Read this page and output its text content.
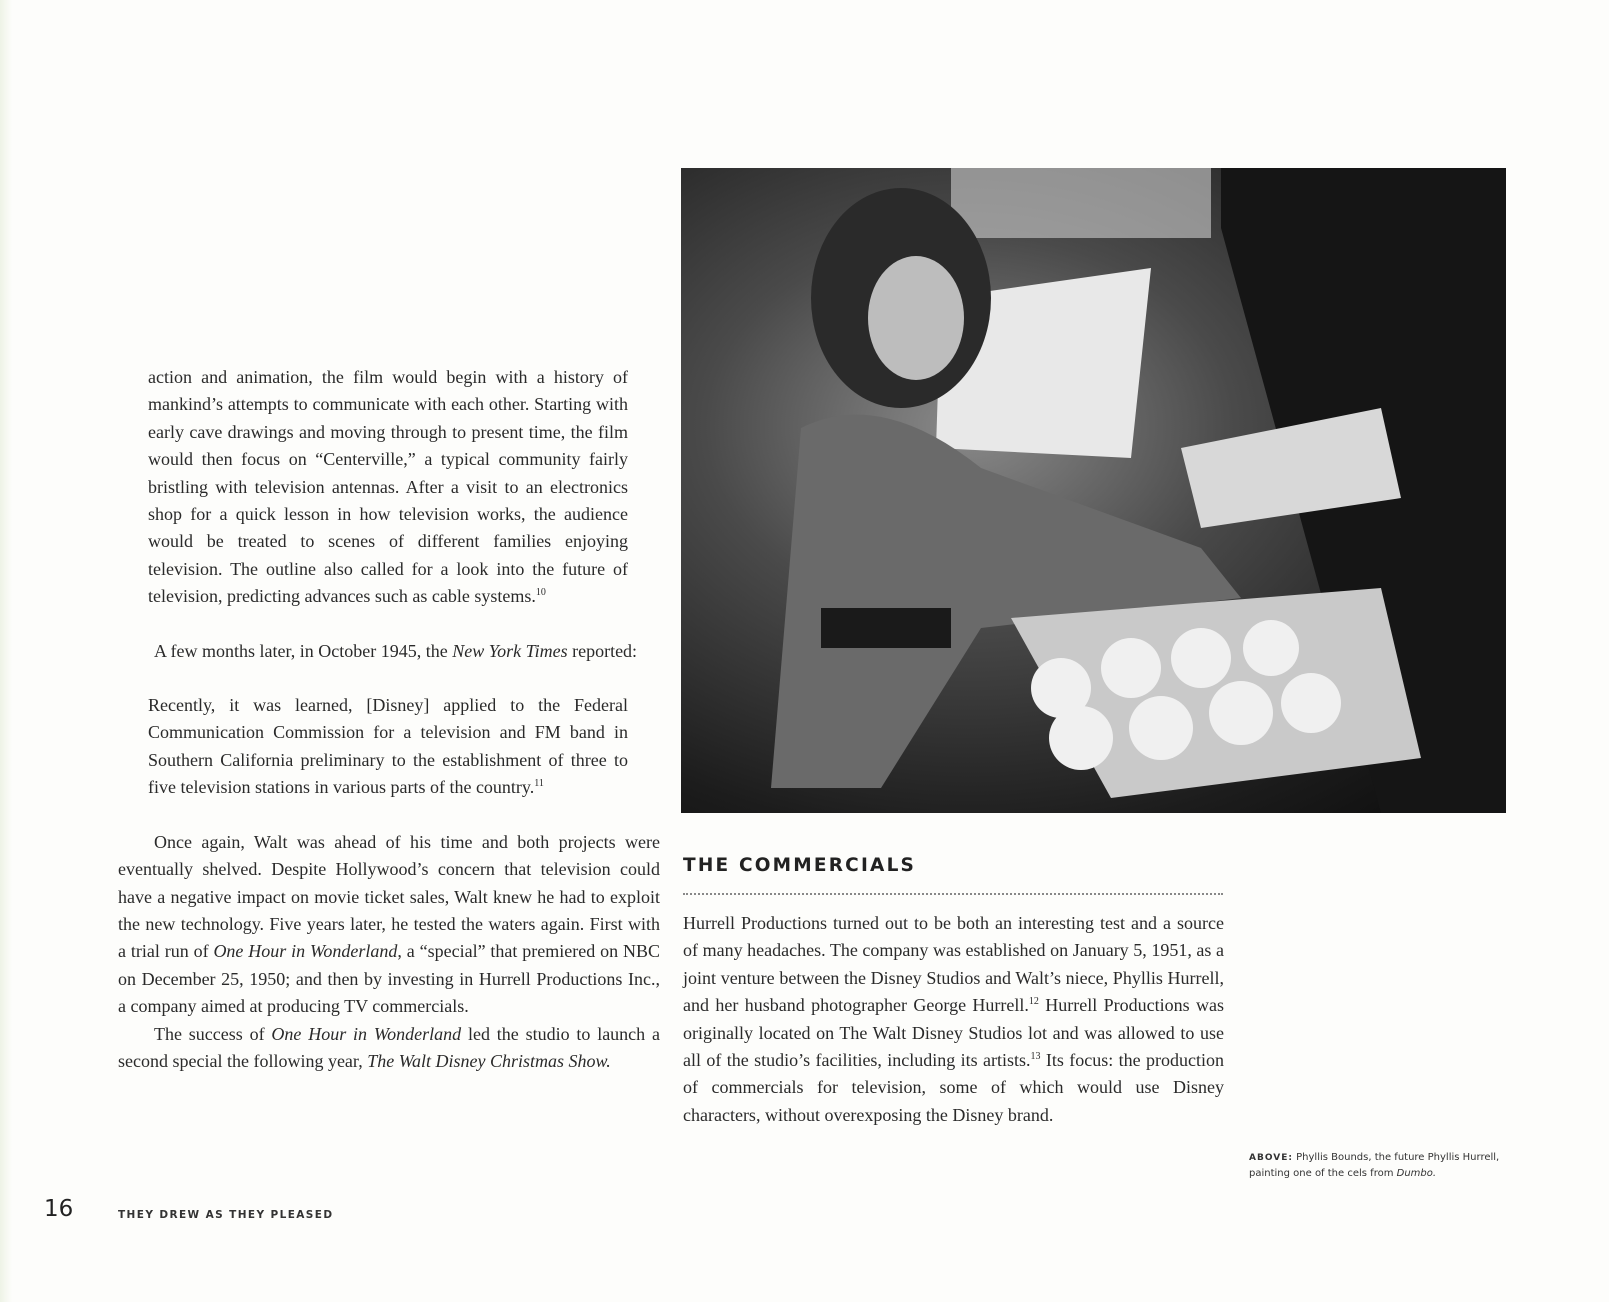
action and animation, the film would begin with a history of mankind’s attempts to communicate with each other. Starting with early cave drawings and moving through to present time, the film would then focus on “Centerville,” a typical community fairly bristling with television antennas. After a visit to an electronics shop for a quick lesson in how television works, the audience would be treated to scenes of different families enjoying television. The outline also called for a look into the future of television, predicting advances such as cable systems.$^{10}$

A few months later, in October 1945, the New York Times reported:

Recently, it was learned, [Disney] applied to the Federal Communication Commission for a television and FM band in Southern California preliminary to the establishment of three to five television stations in various parts of the country.$^{11}$

Once again, Walt was ahead of his time and both projects were eventually shelved. Despite Hollywood’s concern that television could have a negative impact on movie ticket sales, Walt knew he had to exploit the new technology. Five years later, he tested the waters again. First with a trial run of One Hour in Wonderland, a “special” that premiered on NBC on December 25, 1950; and then by investing in Hurrell Productions Inc., a company aimed at producing TV commercials.

The success of One Hour in Wonderland led the studio to launch a second special the following year, The Walt Disney Christmas Show.

THE COMMERCIALS

Hurrell Productions turned out to be both an interesting test and a source of many headaches. The company was established on January 5, 1951, as a joint venture between the Disney Studios and Walt’s niece, Phyllis Hurrell, and her husband photographer George Hurrell.$^{12}$ Hurrell Productions was originally located on The Walt Disney Studios lot and was allowed to use all of the studio’s facilities, including its artists.$^{13}$ Its focus: the production of commercials for television, some of which would use Disney characters, without overexposing the Disney brand.

ABOVE: Phyllis Bounds, the future Phyllis Hurrell, painting one of the cels from Dumbo.
16	THEY DREW AS THEY PLEASED
